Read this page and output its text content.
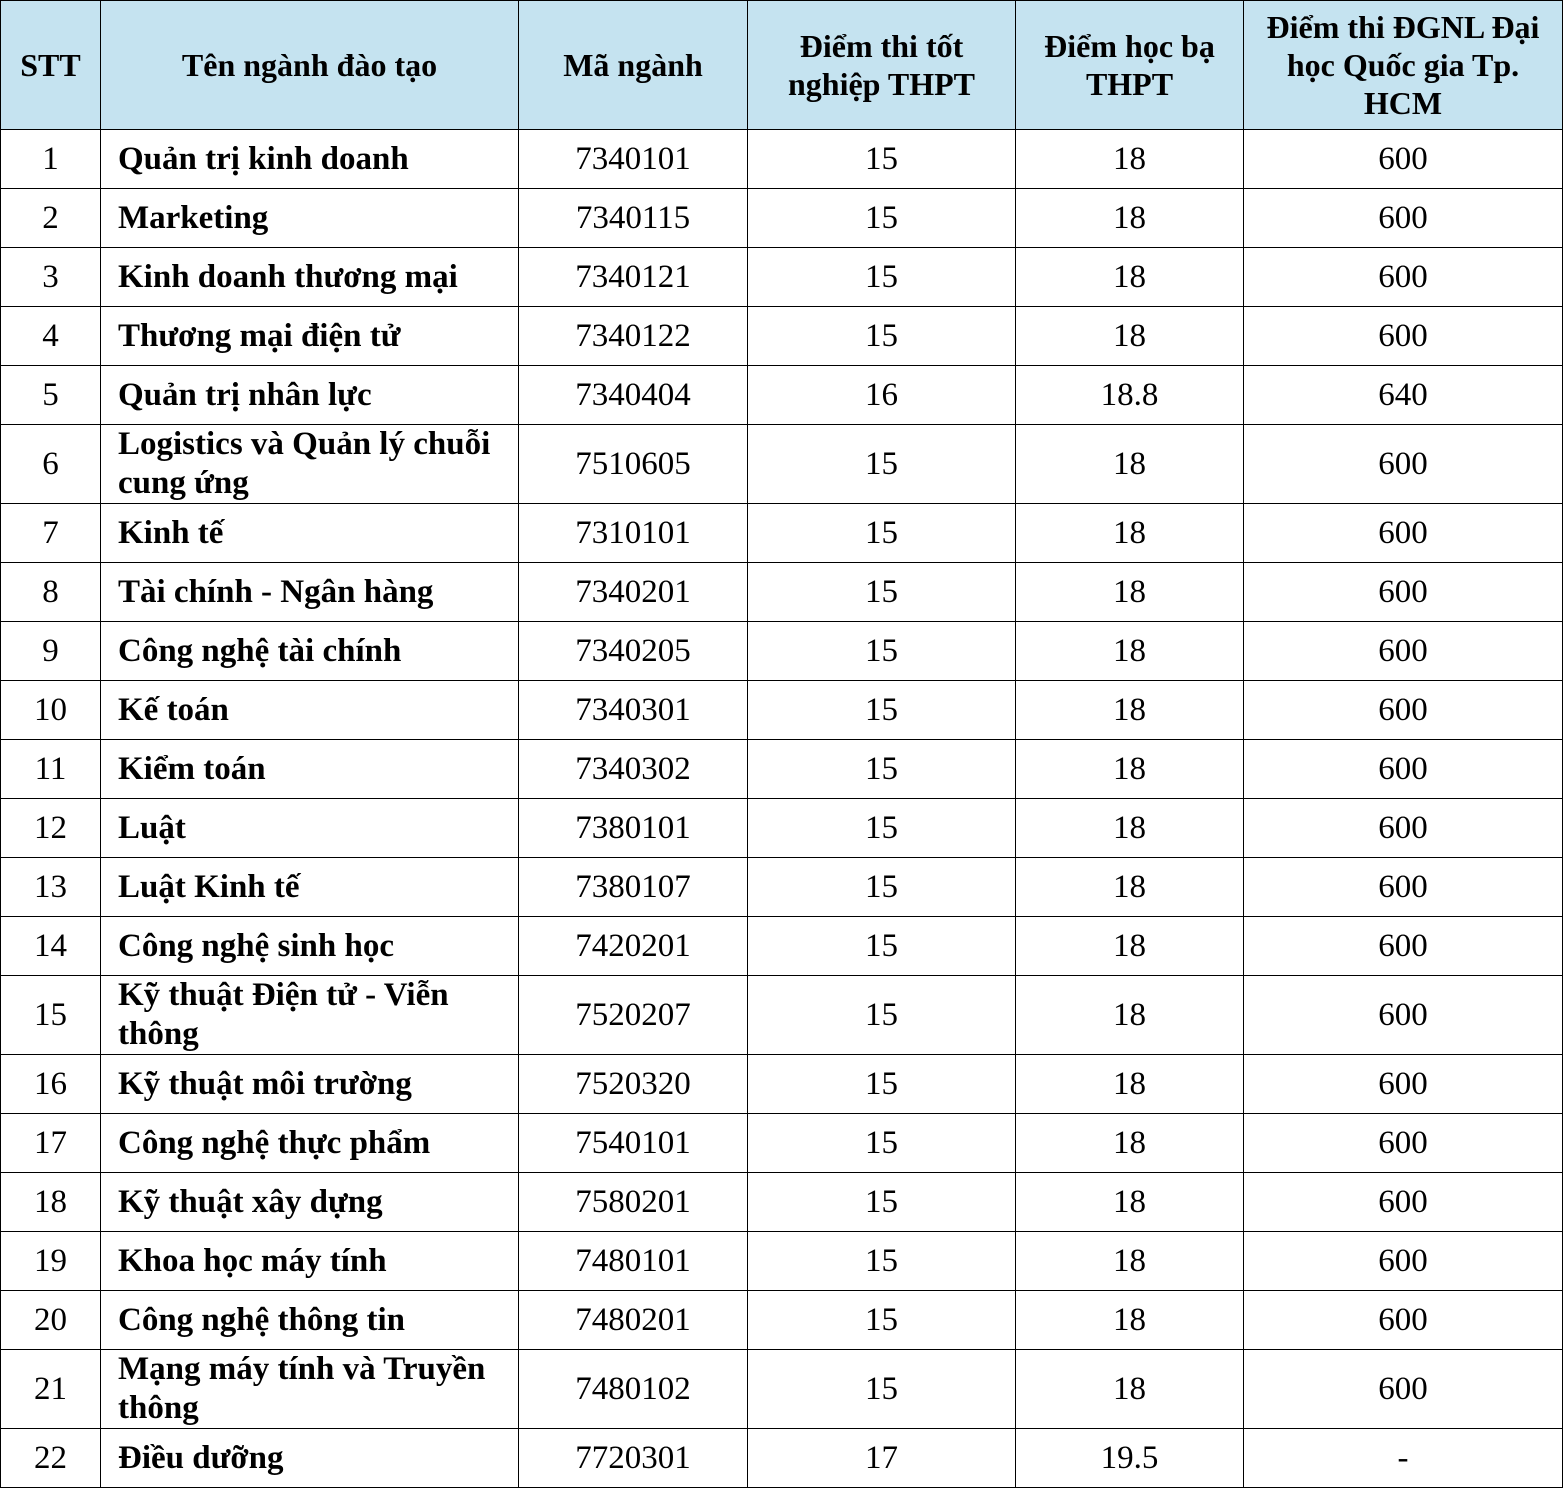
STT	Tên ngành đào tạo	Mã ngành	Điểm thi tốt nghiệp THPT	Điểm học bạ THPT	Điểm thi ĐGNL Đại học Quốc gia Tp. HCM
1	Quản trị kinh doanh	7340101	15	18	600
2	Marketing	7340115	15	18	600
3	Kinh doanh thương mại	7340121	15	18	600
4	Thương mại điện tử	7340122	15	18	600
5	Quản trị nhân lực	7340404	16	18.8	640
6	Logistics và Quản lý chuỗi cung ứng	7510605	15	18	600
7	Kinh tế	7310101	15	18	600
8	Tài chính - Ngân hàng	7340201	15	18	600
9	Công nghệ tài chính	7340205	15	18	600
10	Kế toán	7340301	15	18	600
11	Kiểm toán	7340302	15	18	600
12	Luật	7380101	15	18	600
13	Luật Kinh tế	7380107	15	18	600
14	Công nghệ sinh học	7420201	15	18	600
15	Kỹ thuật Điện tử - Viễn thông	7520207	15	18	600
16	Kỹ thuật môi trường	7520320	15	18	600
17	Công nghệ thực phẩm	7540101	15	18	600
18	Kỹ thuật xây dựng	7580201	15	18	600
19	Khoa học máy tính	7480101	15	18	600
20	Công nghệ thông tin	7480201	15	18	600
21	Mạng máy tính và Truyền thông	7480102	15	18	600
22	Điều dưỡng	7720301	17	19.5	-
